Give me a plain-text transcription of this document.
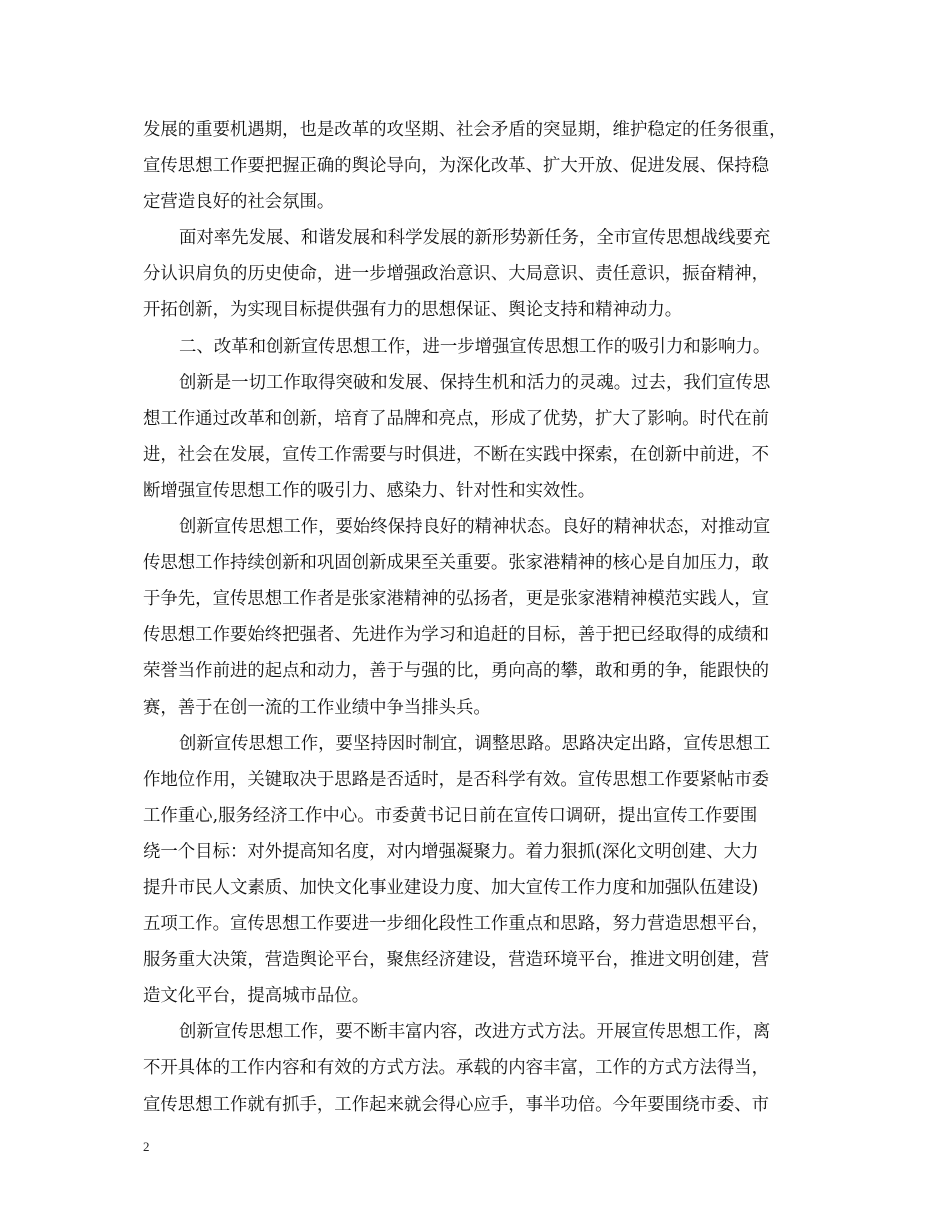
发展的重要机遇期，也是改革的攻坚期、社会矛盾的突显期，维护稳定的任务很重，
宣传思想工作要把握正确的舆论导向，为深化改革、扩大开放、促进发展、保持稳
定营造良好的社会氛围。

面对率先发展、和谐发展和科学发展的新形势新任务，全市宣传思想战线要充
分认识肩负的历史使命，进一步增强政治意识、大局意识、责任意识，振奋精神，
开拓创新，为实现目标提供强有力的思想保证、舆论支持和精神动力。

二、改革和创新宣传思想工作，进一步增强宣传思想工作的吸引力和影响力。

创新是一切工作取得突破和发展、保持生机和活力的灵魂。过去，我们宣传思
想工作通过改革和创新，培育了品牌和亮点，形成了优势，扩大了影响。时代在前
进，社会在发展，宣传工作需要与时俱进，不断在实践中探索，在创新中前进，不
断增强宣传思想工作的吸引力、感染力、针对性和实效性。

创新宣传思想工作，要始终保持良好的精神状态。良好的精神状态，对推动宣
传思想工作持续创新和巩固创新成果至关重要。张家港精神的核心是自加压力，敢
于争先，宣传思想工作者是张家港精神的弘扬者，更是张家港精神模范实践人，宣
传思想工作要始终把强者、先进作为学习和追赶的目标，善于把已经取得的成绩和
荣誉当作前进的起点和动力，善于与强的比，勇向高的攀，敢和勇的争，能跟快的
赛，善于在创一流的工作业绩中争当排头兵。

创新宣传思想工作，要坚持因时制宜，调整思路。思路决定出路，宣传思想工
作地位作用，关键取决于思路是否适时，是否科学有效。宣传思想工作要紧帖市委
工作重心,服务经济工作中心。市委黄书记日前在宣传口调研，提出宣传工作要围
绕一个目标：对外提高知名度，对内增强凝聚力。着力狠抓(深化文明创建、大力
提升市民人文素质、加快文化事业建设力度、加大宣传工作力度和加强队伍建设)
五项工作。宣传思想工作要进一步细化段性工作重点和思路，努力营造思想平台，
服务重大决策，营造舆论平台，聚焦经济建设，营造环境平台，推进文明创建，营
造文化平台，提高城市品位。

创新宣传思想工作，要不断丰富内容，改进方式方法。开展宣传思想工作，离
不开具体的工作内容和有效的方式方法。承载的内容丰富，工作的方式方法得当，
宣传思想工作就有抓手，工作起来就会得心应手，事半功倍。今年要围绕市委、市

2
